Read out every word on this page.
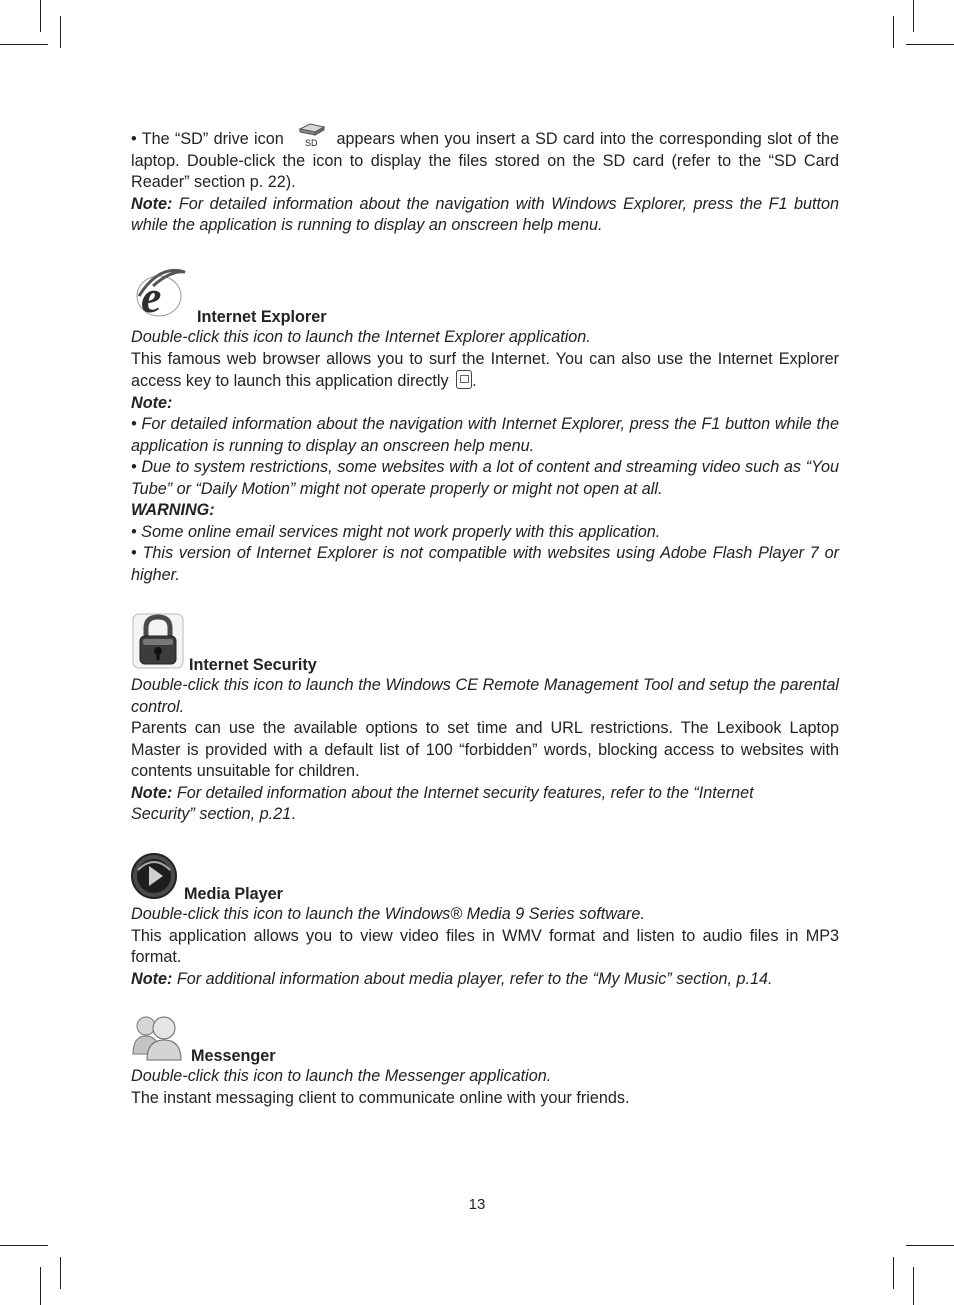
• The “SD” drive icon SD appears when you insert a SD card into the corresponding slot of the laptop. Double-click the icon to display the files stored on the SD card (refer to the “SD Card Reader” section p. 22).
Note: For detailed information about the navigation with Windows Explorer, press the F1 button while the application is running to display an onscreen help menu.
e Internet Explorer
Double-click this icon to launch the Internet Explorer application.
This famous web browser allows you to surf the Internet. You can also use the Internet Explorer access key to launch this application directly .
Note:
• For detailed information about the navigation with Internet Explorer, press the F1 button while the application is running to display an onscreen help menu.
• Due to system restrictions, some websites with a lot of content and streaming video such as “You Tube” or “Daily Motion” might not operate properly or might not open at all.
WARNING:
• Some online email services might not work properly with this application.
• This version of Internet Explorer is not compatible with websites using Adobe Flash Player 7 or higher.
Internet Security
Double-click this icon to launch the Windows CE Remote Management Tool and setup the parental control.
Parents can use the available options to set time and URL restrictions. The Lexibook Laptop Master is provided with a default list of 100 “forbidden” words, blocking access to websites with contents unsuitable for children.
Note: For detailed information about the Internet security features, refer to the “Internet
Security” section, p.21.
Media Player
Double-click this icon to launch the Windows® Media 9 Series software.
This application allows you to view video files in WMV format and listen to audio files in MP3 format.
Note: For additional information about media player, refer to the “My Music” section, p.14.
Messenger
Double-click this icon to launch the Messenger application.
The instant messaging client to communicate online with your friends.
13
